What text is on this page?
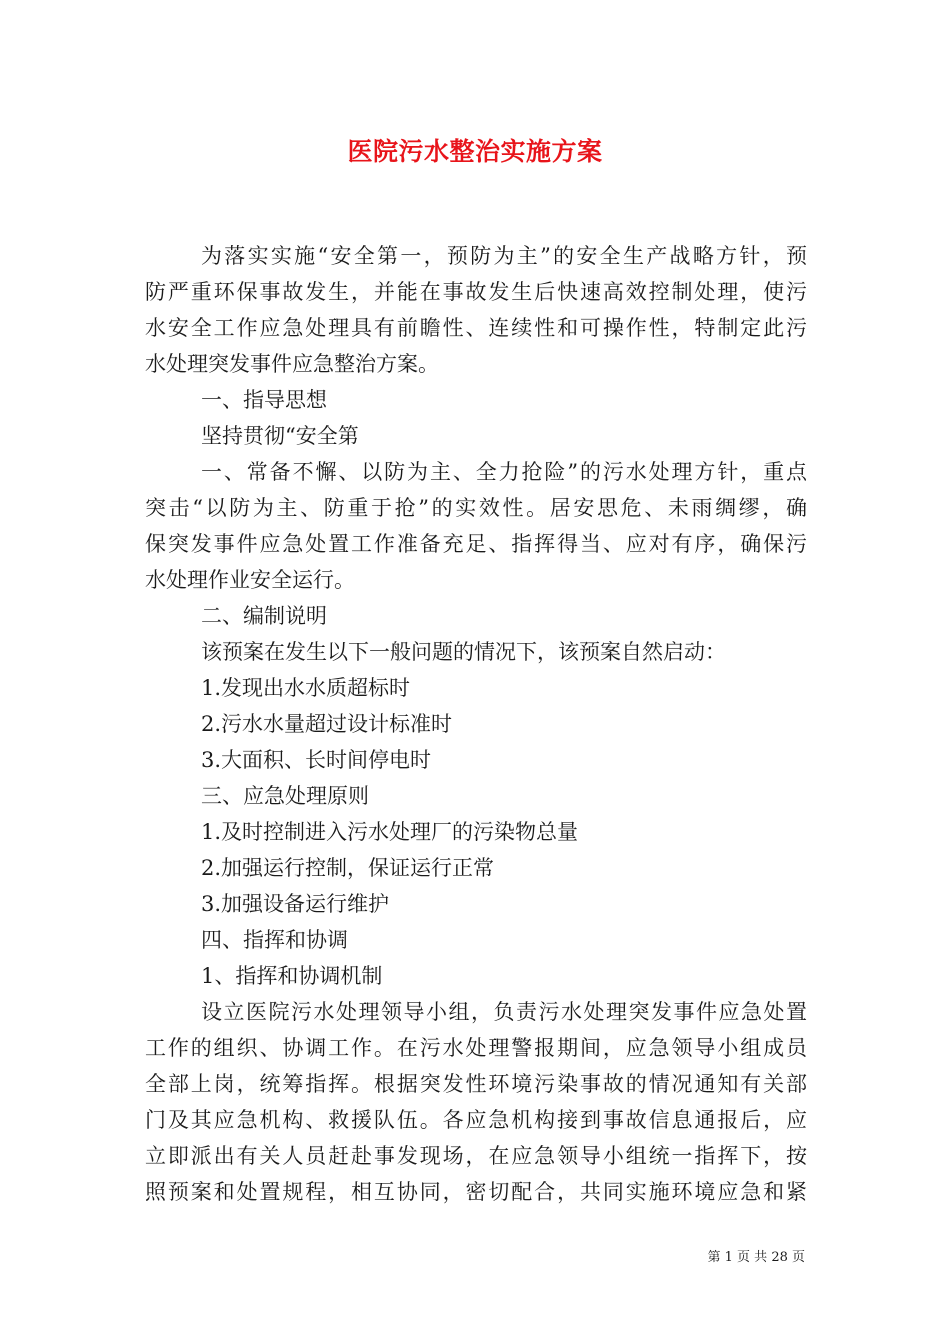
医院污水整治实施方案
为落实实施“安全第一，预防为主”的安全生产战略方针，预
防严重环保事故发生，并能在事故发生后快速高效控制处理，使污
水安全工作应急处理具有前瞻性、连续性和可操作性，特制定此污
水处理突发事件应急整治方案。
一、指导思想
坚持贯彻“安全第
一、常备不懈、以防为主、全力抢险”的污水处理方针，重点
突击“以防为主、防重于抢”的实效性。居安思危、未雨绸缪，确
保突发事件应急处置工作准备充足、指挥得当、应对有序，确保污
水处理作业安全运行。
二、编制说明
该预案在发生以下一般问题的情况下，该预案自然启动：
1.发现出水水质超标时
2.污水水量超过设计标准时
3.大面积、长时间停电时
三、应急处理原则
1.及时控制进入污水处理厂的污染物总量
2.加强运行控制，保证运行正常
3.加强设备运行维护
四、指挥和协调
1、指挥和协调机制
设立医院污水处理领导小组，负责污水处理突发事件应急处置
工作的组织、协调工作。在污水处理警报期间，应急领导小组成员
全部上岗，统筹指挥。根据突发性环境污染事故的情况通知有关部
门及其应急机构、救援队伍。各应急机构接到事故信息通报后，应
立即派出有关人员赶赴事发现场，在应急领导小组统一指挥下，按
照预案和处置规程，相互协同，密切配合，共同实施环境应急和紧
第 1 页 共 28 页
